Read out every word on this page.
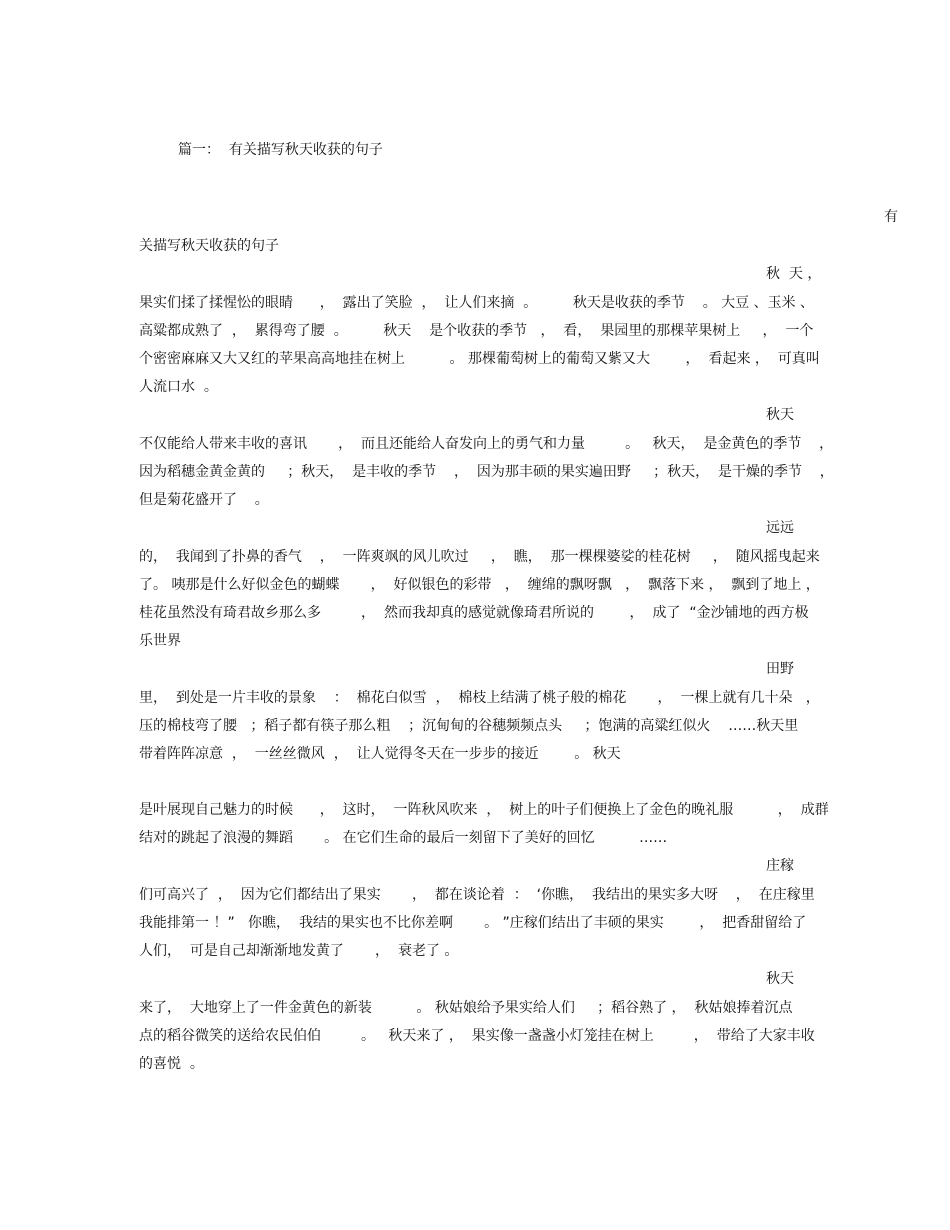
篇一：  有关描写秋天收获的句子
有
关描写秋天收获的句子
秋  天 ，
果实们揉了揉惺忪的眼睛      ，  露出了笑脸  ，  让人们来摘  。        秋天是收获的季节    。 大豆 、玉米 、
高粱都成熟了  ，  累得弯了腰  。        秋天    是个收获的季节   ，  看，  果园里的那棵苹果树上     ，  一个
个密密麻麻又大又红的苹果高高地挂在树上          。 那棵葡萄树上的葡萄又紫又大        ，  看起来 ，  可真叫
人流口水  。
秋天
不仅能给人带来丰收的喜讯       ，  而且还能给人奋发向上的勇气和力量         。   秋天，  是金黄色的季节    ，
因为稻穗金黄金黄的     ；秋天，  是丰收的季节    ，  因为那丰硕的果实遍田野     ；秋天，  是干燥的季节    ，
但是菊花盛开了    。
远远
的，  我闻到了扑鼻的香气    ，  一阵爽飒的风儿吹过     ，  瞧，  那一棵棵婆娑的桂花树     ，  随风摇曳起来
了。 咦那是什么好似金色的蝴蝶       ，  好似银色的彩带   ，  缠绵的飘呀飘   ，  飘落下来 ，  飘到了地上 ，
桂花虽然没有琦君故乡那么多         ，  然而我却真的感觉就像琦君所说的        ，  成了  “金沙铺地的西方极
乐世界
田野
里，  到处是一片丰收的景象    ：  棉花白似雪  ，  棉枝上结满了桃子般的棉花       ，  一棵上就有几十朵   ，
压的棉枝弯了腰   ；稻子都有筷子那么粗    ；沉甸甸的谷穗频频点头     ；饱满的高粱红似火    ……秋天里
带着阵阵凉意  ，  一丝丝微风  ，  让人觉得冬天在一步步的接近        。 秋天
是叶展现自己魅力的时候      ，  这时，  一阵秋风吹来  ，  树上的叶子们便换上了金色的晚礼服          ，  成群
结对的跳起了浪漫的舞蹈       。 在它们生命的最后一刻留下了美好的回忆          ……
庄稼
们可高兴了  ，  因为它们都结出了果实       ，  都在谈论着  ：  ‘你瞧，  我结出的果实多大呀    ，  在庄稼里
我能排第一 ！”   你瞧，  我结的果实也不比你差啊       。 ”庄稼们结出了丰硕的果实        ，  把香甜留给了
人们，  可是自己却渐渐地发黄了       ，  衰老了 。
秋天
来了，  大地穿上了一件金黄色的新装          。 秋姑娘给予果实给人们     ；稻谷熟了 ，  秋姑娘捧着沉点
点的稻谷微笑的送给农民伯伯         。   秋天来了 ，  果实像一盏盏小灯笼挂在树上         ，  带给了大家丰收
的喜悦  。
